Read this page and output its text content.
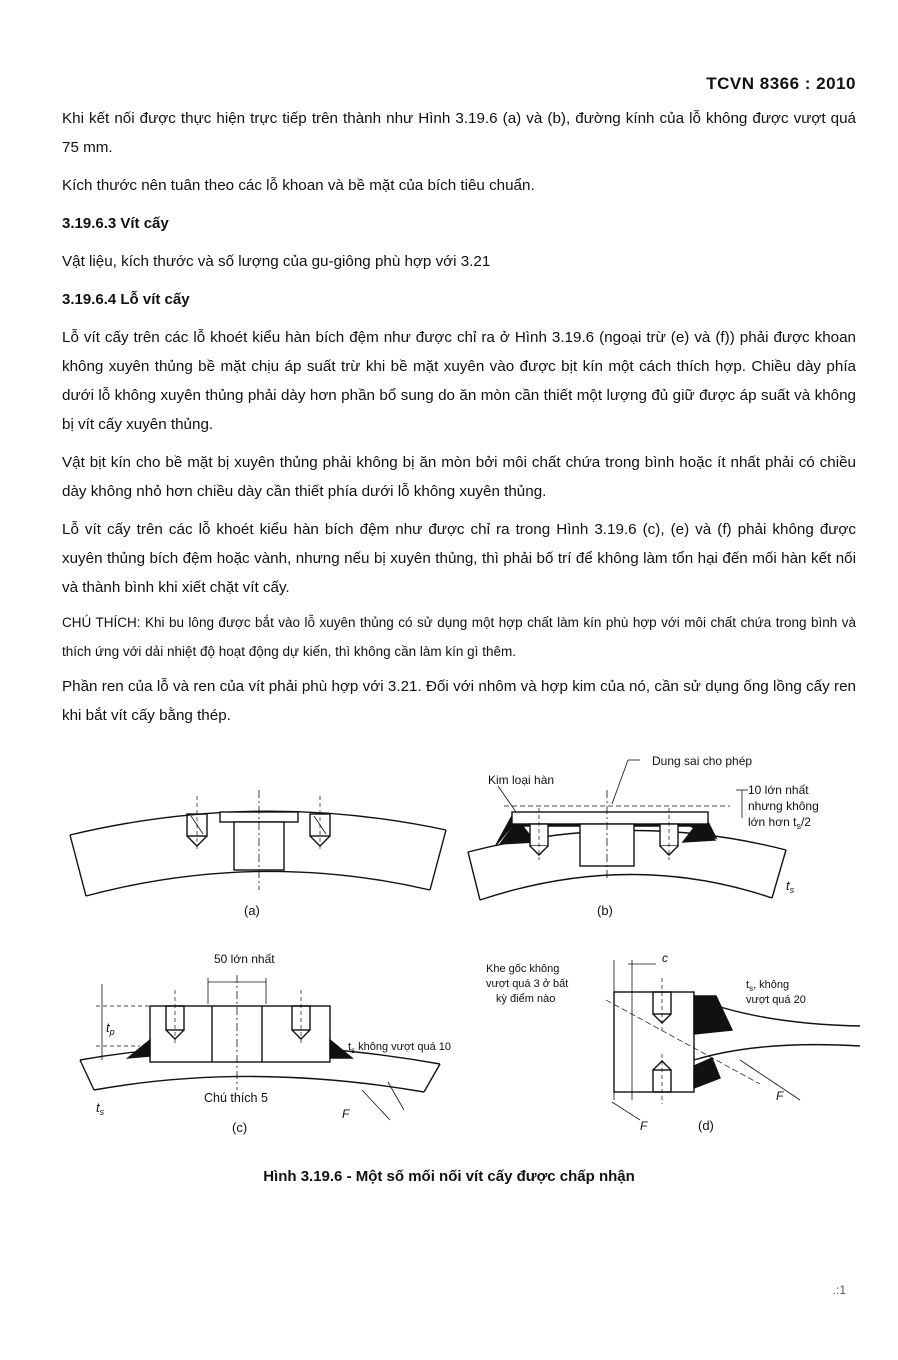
TCVN 8366 : 2010

Khi kết nối được thực hiện trực tiếp trên thành như Hình 3.19.6 (a) và (b), đường kính của lỗ không được vượt quá 75 mm.

Kích thước nên tuân theo các lỗ khoan và bề mặt của bích tiêu chuẩn.

3.19.6.3 Vít cấy

Vật liệu, kích thước và số lượng của gu-giông phù hợp với 3.21

3.19.6.4 Lỗ vít cấy

Lỗ vít cấy trên các lỗ khoét kiểu hàn bích đệm như được chỉ ra ở Hình 3.19.6 (ngoại trừ (e) và (f)) phải được khoan không xuyên thủng bề mặt chịu áp suất trừ khi bề mặt xuyên vào được bịt kín một cách thích hợp. Chiều dày phía dưới lỗ không xuyên thủng phải dày hơn phần bổ sung do ăn mòn cần thiết một lượng đủ giữ được áp suất và không bị vít cấy xuyên thủng.

Vật bịt kín cho bề mặt bị xuyên thủng phải không bị ăn mòn bởi môi chất chứa trong bình hoặc ít nhất phải có chiều dày không nhỏ hơn chiều dày cần thiết phía dưới lỗ không xuyên thủng.

Lỗ vít cấy trên các lỗ khoét kiểu hàn bích đệm như được chỉ ra trong Hình 3.19.6 (c), (e) và (f) phải không được xuyên thủng bích đệm hoặc vành, nhưng nếu bị xuyên thủng, thì phải bố trí để không làm tổn hại đến mối hàn kết nối và thành bình khi xiết chặt vít cấy.

CHÚ THÍCH: Khi bu lông được bắt vào lỗ xuyên thủng có sử dụng một hợp chất làm kín phù hợp với môi chất chứa trong bình và thích ứng với dải nhiệt độ hoạt động dự kiến, thì không cần làm kín gì thêm.

Phần ren của lỗ và ren của vít phải phù hợp với 3.21. Đối với nhôm và hợp kim của nó, cần sử dụng ống lồng cấy ren khi bắt vít cấy bằng thép.

(a)
Kim loại hàn
Dung sai cho phép
10 lớn nhất
nhưng không
lớn hơn $t_s/2$
$t_s$
(b)
50 lớn nhất
$t_p$
$t_s$
$t_s$ không vượt quá 10
Chú thích 5
F
(c)
Khe gốc không
vượt quá 3 ở bất
kỳ điểm nào
c
$t_s$, không
vượt quá 20
F
F	(d)
Hình 3.19.6 - Một số mối nối vít cấy được chấp nhận
.:1
